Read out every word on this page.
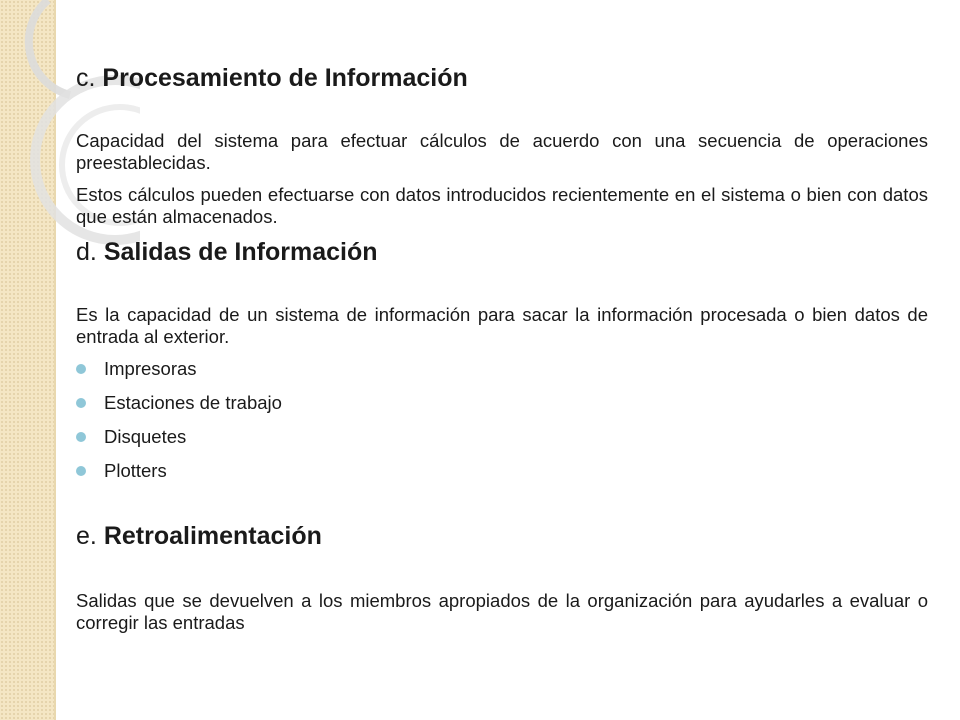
c. Procesamiento de Información

Capacidad del sistema para efectuar cálculos de acuerdo con una secuencia de operaciones preestablecidas.

Estos cálculos pueden efectuarse con datos introducidos recientemente en el sistema o bien con datos que están almacenados.

d. Salidas de Información

Es la capacidad de un sistema de información para sacar la información procesada o bien datos de entrada al exterior.

Impresoras
Estaciones de trabajo
Disquetes
Plotters
e. Retroalimentación

Salidas que se devuelven a los miembros apropiados de la organización para ayudarles a evaluar o corregir las entradas
